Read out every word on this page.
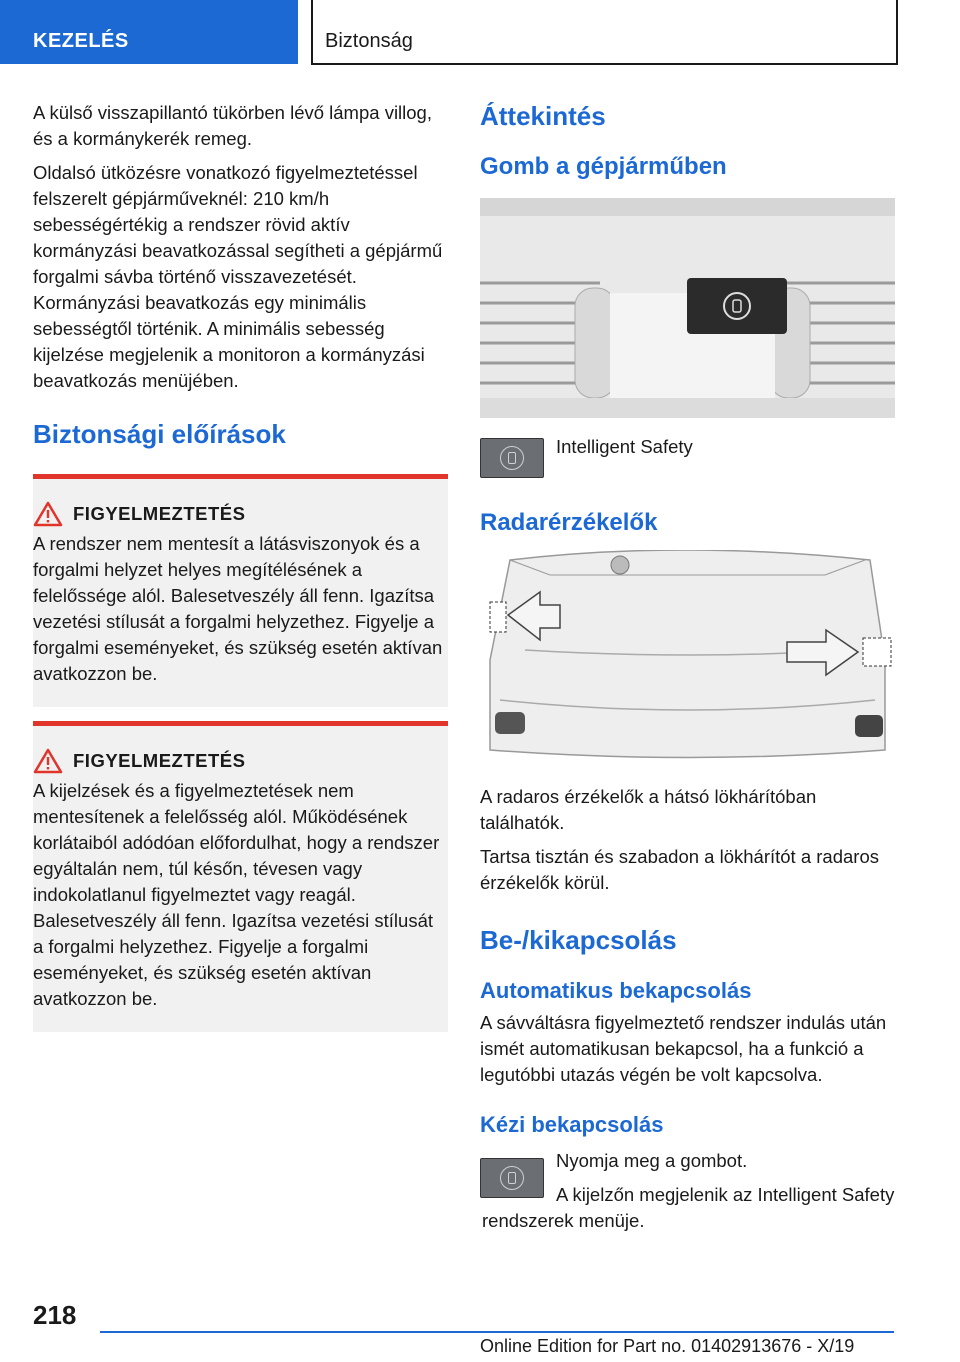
KEZELÉS	Biztonság

A külső visszapillantó tükörben lévő lámpa villog, és a kormánykerék remeg.

Oldalsó ütközésre vonatkozó figyelmeztetéssel felszerelt gépjárműveknél: 210 km/h sebességértékig a rendszer rövid aktív kormányzási beavatkozással segítheti a gépjármű forgalmi sávba történő visszavezetését. Kormányzási beavatkozás egy minimális sebességtől történik. A minimális sebesség kijelzése megjelenik a monitoron a kormányzási beavatkozás menüjében.

Biztonsági előírások
FIGYELMEZTETÉS

A rendszer nem mentesít a látásviszonyok és a forgalmi helyzet helyes megítélésének a felelőssége alól. Balesetveszély áll fenn. Igazítsa vezetési stílusát a forgalmi helyzethez. Figyelje a forgalmi eseményeket, és szükség esetén aktívan avatkozzon be.

FIGYELMEZTETÉS

A kijelzések és a figyelmeztetések nem mentesítenek a felelősség alól. Működésének korlátaiból adódóan előfordulhat, hogy a rendszer egyáltalán nem, túl későn, tévesen vagy indokolatlanul figyelmeztet vagy reagál. Balesetveszély áll fenn. Igazítsa vezetési stílusát a forgalmi helyzethez. Figyelje a forgalmi eseményeket, és szükség esetén aktívan avatkozzon be.

Áttekintés
Gomb a gépjárműben

Intelligent Safety

Radarérzékelők

A radaros érzékelők a hátsó lökhárítóban találhatók.

Tartsa tisztán és szabadon a lökhárítót a radaros érzékelők körül.

Be-/kikapcsolás
Automatikus bekapcsolás

A sávváltásra figyelmeztető rendszer indulás után ismét automatikusan bekapcsol, ha a funkció a legutóbbi utazás végén be volt kapcsolva.

Kézi bekapcsolás

Nyomja meg a gombot.

A kijelzőn megjelenik az Intelligent Safety rendszerek menüje.

218
Online Edition for Part no. 01402913676 - X/19
